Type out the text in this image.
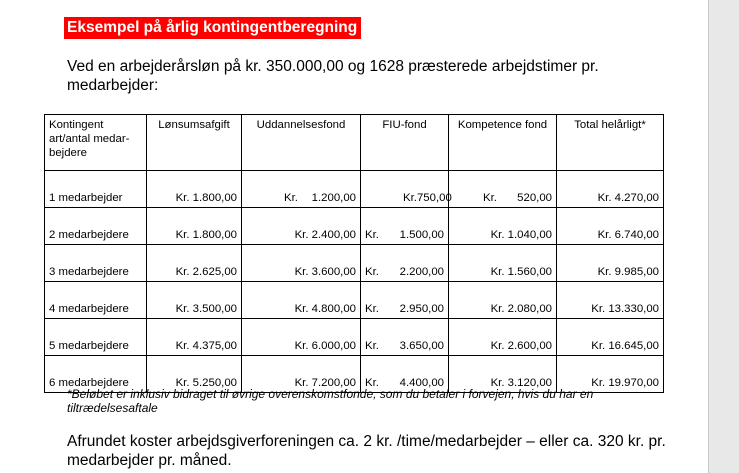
Eksempel på årlig kontingentberegning
Ved en arbejderårsløn på kr. 350.000,00 og 1628 præsterede arbejdstimer pr. medarbejder:
Kontingent art/antal medar-bejdere	Lønsumsafgift	Uddannelsesfond	FIU-fond	Kompetence fond	Total helårligt*
1 medarbejder	Kr. 1.800,00	Kr. 1.200,00	Kr. 750,00	Kr. 520,00	Kr. 4.270,00
2 medarbejdere	Kr. 1.800,00	Kr. 2.400,00	Kr. 1.500,00	Kr. 1.040,00	Kr. 6.740,00
3 medarbejdere	Kr. 2.625,00	Kr. 3.600,00	Kr. 2.200,00	Kr. 1.560,00	Kr. 9.985,00
4 medarbejdere	Kr. 3.500,00	Kr. 4.800,00	Kr. 2.950,00	Kr. 2.080,00	Kr. 13.330,00
5 medarbejdere	Kr. 4.375,00	Kr. 6.000,00	Kr. 3.650,00	Kr. 2.600,00	Kr. 16.645,00
6 medarbejdere	Kr. 5.250,00	Kr. 7.200,00	Kr. 4.400,00	Kr. 3.120,00	Kr. 19.970,00
*Beløbet er inklusiv bidraget til øvrige overenskomstfonde, som du betaler i forvejen, hvis du har en tiltrædelsesaftale
Afrundet koster arbejdsgiverforeningen ca. 2 kr. /time/medarbejder – eller ca. 320 kr. pr. medarbejder pr. måned.
